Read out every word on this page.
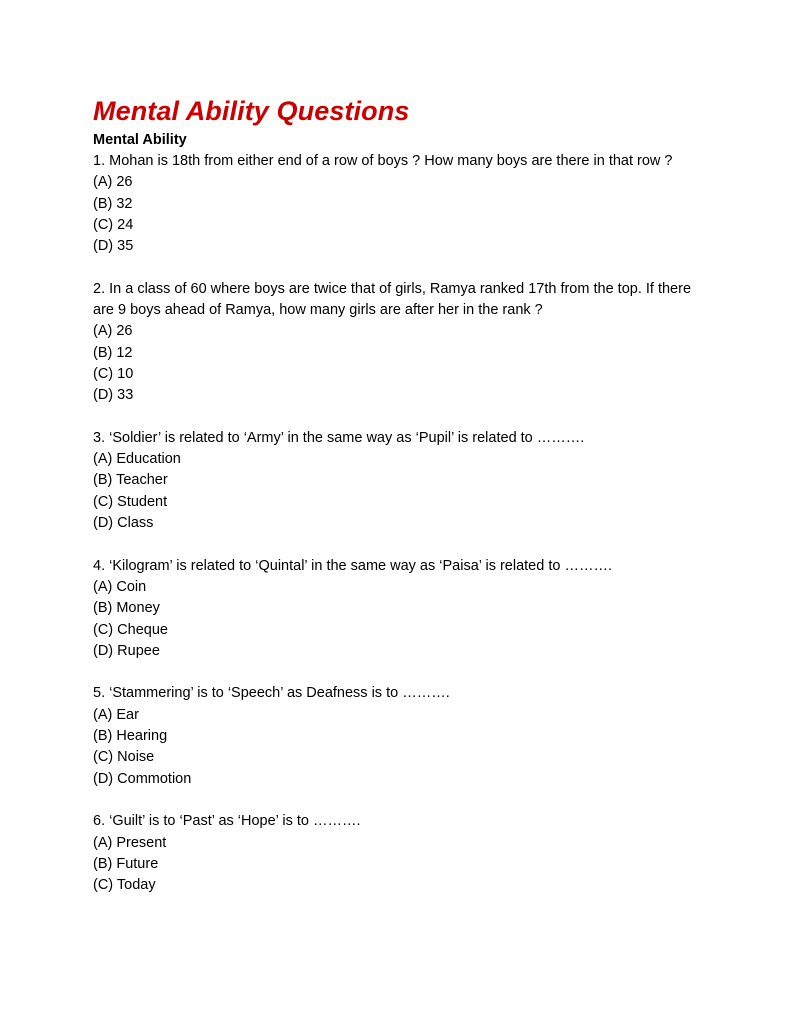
Mental Ability Questions
Mental Ability

1. Mohan is 18th from either end of a row of boys ? How many boys are there in that row ?

(A) 26

(B) 32

(C) 24

(D) 35

2. In a class of 60 where boys are twice that of girls, Ramya ranked 17th from the top. If there are 9 boys ahead of Ramya, how many girls are after her in the rank ?

(A) 26

(B) 12

(C) 10

(D) 33

3. ‘Soldier’ is related to ‘Army’ in the same way as ‘Pupil’ is related to ……….

(A) Education

(B) Teacher

(C) Student

(D) Class

4. ‘Kilogram’ is related to ‘Quintal’ in the same way as ‘Paisa’ is related to ……….

(A) Coin

(B) Money

(C) Cheque

(D) Rupee

5. ‘Stammering’ is to ‘Speech’ as Deafness is to ……….

(A) Ear

(B) Hearing

(C) Noise

(D) Commotion

6. ‘Guilt’ is to ‘Past’ as ‘Hope’ is to ……….

(A) Present

(B) Future

(C) Today
